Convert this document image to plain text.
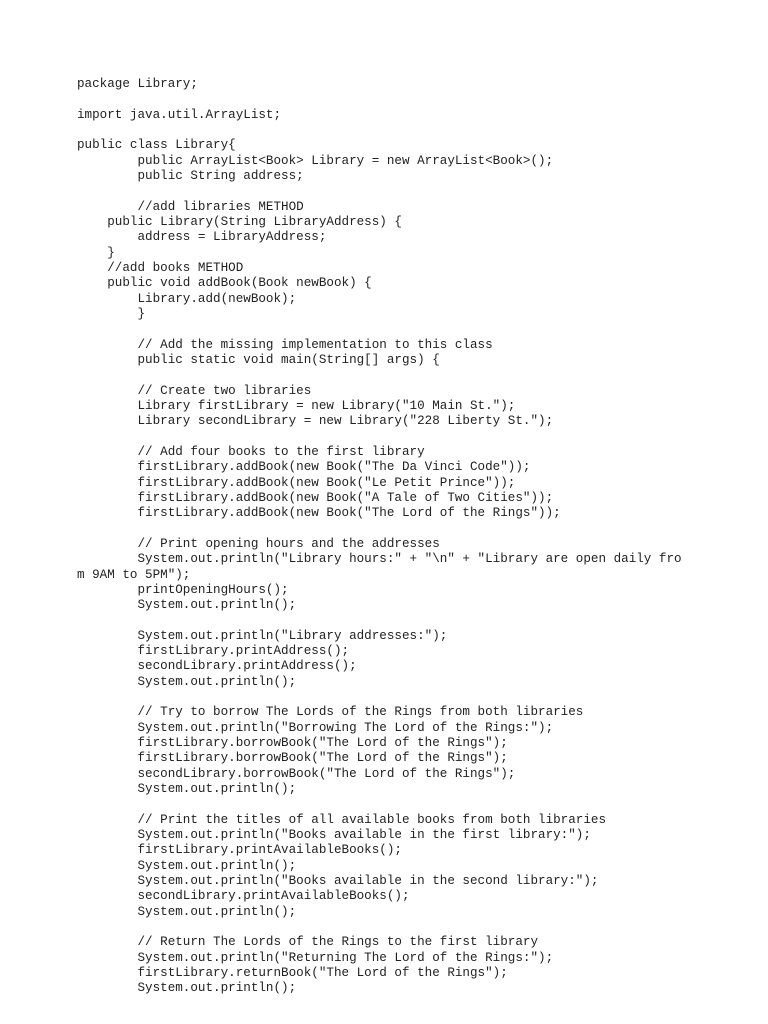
package Library;
import java.util.ArrayList;
public class Library{
public ArrayList<Book> Library = new ArrayList<Book>();
public String address;
//add libraries METHOD
public Library(String LibraryAddress) {
address = LibraryAddress;
}
//add books METHOD
public void addBook(Book newBook) {
Library.add(newBook);
}
// Add the missing implementation to this class
public static void main(String[] args) {
// Create two libraries
Library firstLibrary = new Library("10 Main St.");
Library secondLibrary = new Library("228 Liberty St.");
// Add four books to the first library
firstLibrary.addBook(new Book("The Da Vinci Code"));
firstLibrary.addBook(new Book("Le Petit Prince"));
firstLibrary.addBook(new Book("A Tale of Two Cities"));
firstLibrary.addBook(new Book("The Lord of the Rings"));
// Print opening hours and the addresses
System.out.println("Library hours:" + "\n" + "Library are open daily fro
m 9AM to 5PM");
printOpeningHours();
System.out.println();
System.out.println("Library addresses:");
firstLibrary.printAddress();
secondLibrary.printAddress();
System.out.println();
// Try to borrow The Lords of the Rings from both libraries
System.out.println("Borrowing The Lord of the Rings:");
firstLibrary.borrowBook("The Lord of the Rings");
firstLibrary.borrowBook("The Lord of the Rings");
secondLibrary.borrowBook("The Lord of the Rings");
System.out.println();
// Print the titles of all available books from both libraries
System.out.println("Books available in the first library:");
firstLibrary.printAvailableBooks();
System.out.println();
System.out.println("Books available in the second library:");
secondLibrary.printAvailableBooks();
System.out.println();
// Return The Lords of the Rings to the first library
System.out.println("Returning The Lord of the Rings:");
firstLibrary.returnBook("The Lord of the Rings");
System.out.println();
